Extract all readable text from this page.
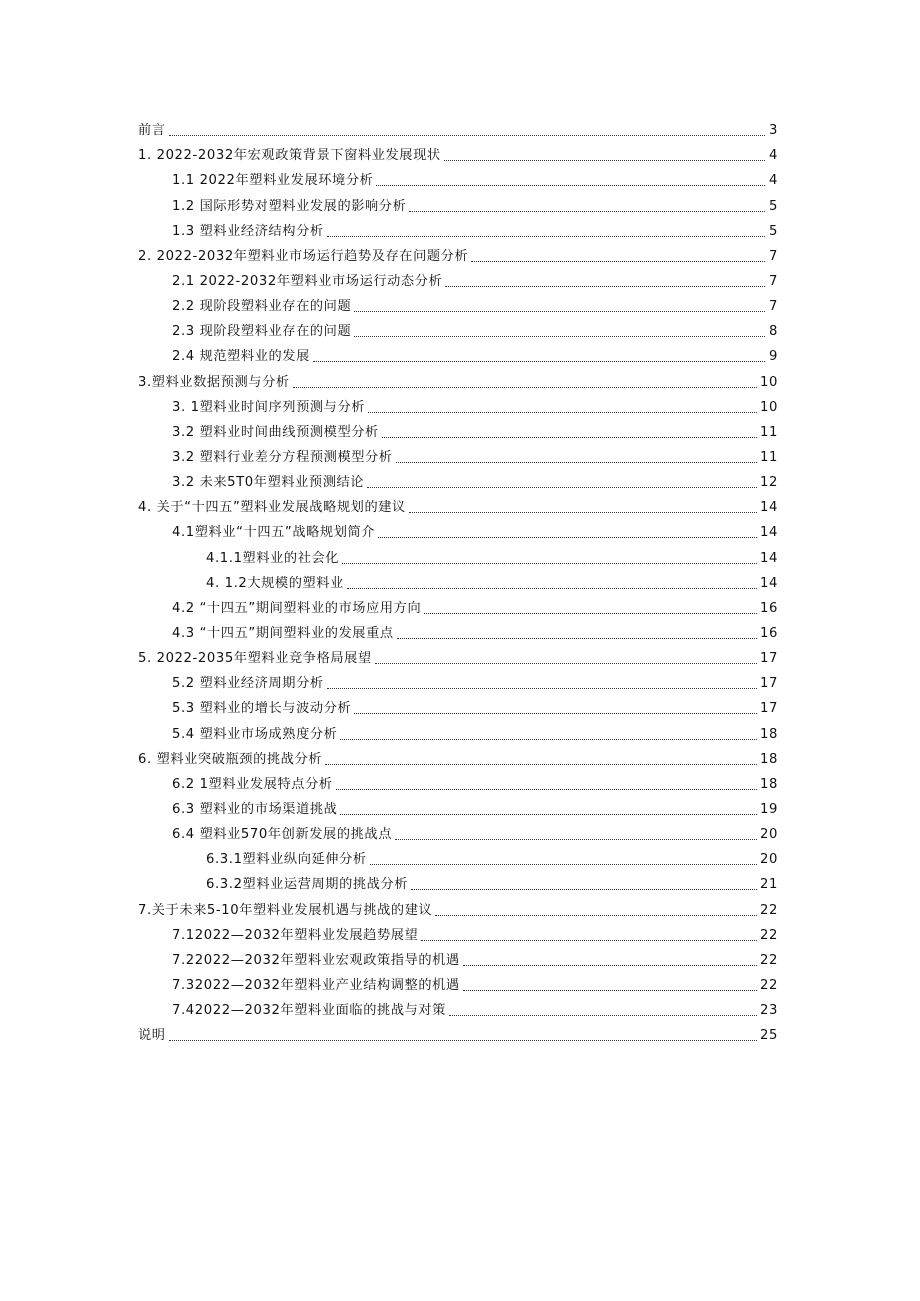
前言	3
1. 2022-2032年宏观政策背景下窗料业发展现状	4
1.1 2022年塑料业发展环境分析	4
1.2 国际形势对塑料业发展的影响分析	5
1.3 塑料业经济结构分析	5
2. 2022-2032年塑料业市场运行趋势及存在问题分析	7
2.1 2022-2032年塑料业市场运行动态分析	7
2.2 现阶段塑料业存在的问题	7
2.3 现阶段塑料业存在的问题	8
2.4 规范塑料业的发展	9
3.塑料业数据预测与分析	10
3. 1塑料业时间序列预测与分析	10
3.2 塑料业时间曲线预测模型分析	11
3.2 塑料行业差分方程预测模型分析	11
3.2 未来5T0年塑料业预测结论	12
4. 关于“十四五”塑料业发展战略规划的建议	14
4.1塑料业“十四五”战略规划简介	14
4.1.1塑料业的社会化	14
4. 1.2大规模的塑料业	14
4.2 “十四五”期间塑料业的市场应用方向	16
4.3 “十四五”期间塑料业的发展重点	16
5. 2022-2035年塑料业竞争格局展望	17
5.2 塑料业经济周期分析	17
5.3 塑料业的增长与波动分析	17
5.4 塑料业市场成熟度分析	18
6. 塑料业突破瓶颈的挑战分析	18
6.2 1塑料业发展特点分析	18
6.3 塑料业的市场渠道挑战	19
6.4 塑料业570年创新发展的挑战点	20
6.3.1塑料业纵向延伸分析	20
6.3.2塑料业运营周期的挑战分析	21
7.关于未来5-10年塑料业发展机遇与挑战的建议	22
7.12022—2032年塑料业发展趋势展望	22
7.22022—2032年塑料业宏观政策指导的机遇	22
7.32022—2032年塑料业产业结构调整的机遇	22
7.42022—2032年塑料业面临的挑战与对策	23
说明	25
